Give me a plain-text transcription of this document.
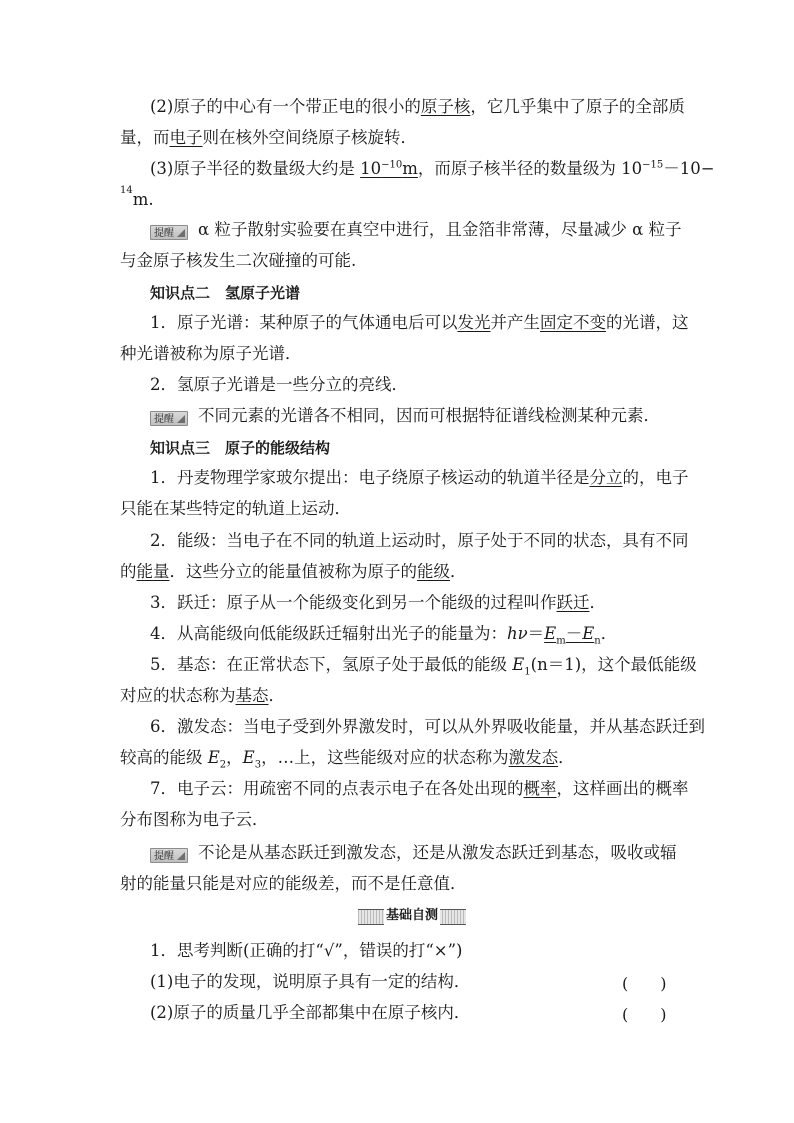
(2)原子的中心有一个带正电的很小的原子核，它几乎集中了原子的全部质
量，而电子则在核外空间绕原子核旋转．
(3)原子半径的数量级大约是 $10^{-10}m$，而原子核半径的数量级为 $10^{-15}-10-$
$^{14}$m.
提醒 α 粒子散射实验要在真空中进行，且金箔非常薄，尽量减少 α 粒子
与金原子核发生二次碰撞的可能.
知识点二　氢原子光谱
1．原子光谱：某种原子的气体通电后可以发光并产生固定不变的光谱，这
种光谱被称为原子光谱．
2．氢原子光谱是一些分立的亮线．
提醒 不同元素的光谱各不相同，因而可根据特征谱线检测某种元素．
知识点三　原子的能级结构
1．丹麦物理学家玻尔提出：电子绕原子核运动的轨道半径是分立的，电子
只能在某些特定的轨道上运动．
2．能级：当电子在不同的轨道上运动时，原子处于不同的状态，具有不同
的能量．这些分立的能量值被称为原子的能级．
3．跃迁：原子从一个能级变化到另一个能级的过程叫作跃迁．
4．从高能级向低能级跃迁辐射出光子的能量为：$h\nu=E_m-E_n$．
5．基态：在正常状态下，氢原子处于最低的能级 $E_1(n=1)$，这个最低能级
对应的状态称为基态．
6．激发态：当电子受到外界激发时，可以从外界吸收能量，并从基态跃迁到
较高的能级 $E_2$，$E_3$，…上，这些能级对应的状态称为激发态．
7．电子云：用疏密不同的点表示电子在各处出现的概率，这样画出的概率
分布图称为电子云．
提醒 不论是从基态跃迁到激发态，还是从激发态跃迁到基态，吸收或辐
射的能量只能是对应的能级差，而不是任意值．
基础自测
1．思考判断(正确的打“√”，错误的打“×”)
(1)电子的发现，说明原子具有一定的结构．	(　　)
(2)原子的质量几乎全部都集中在原子核内．	(　　)
